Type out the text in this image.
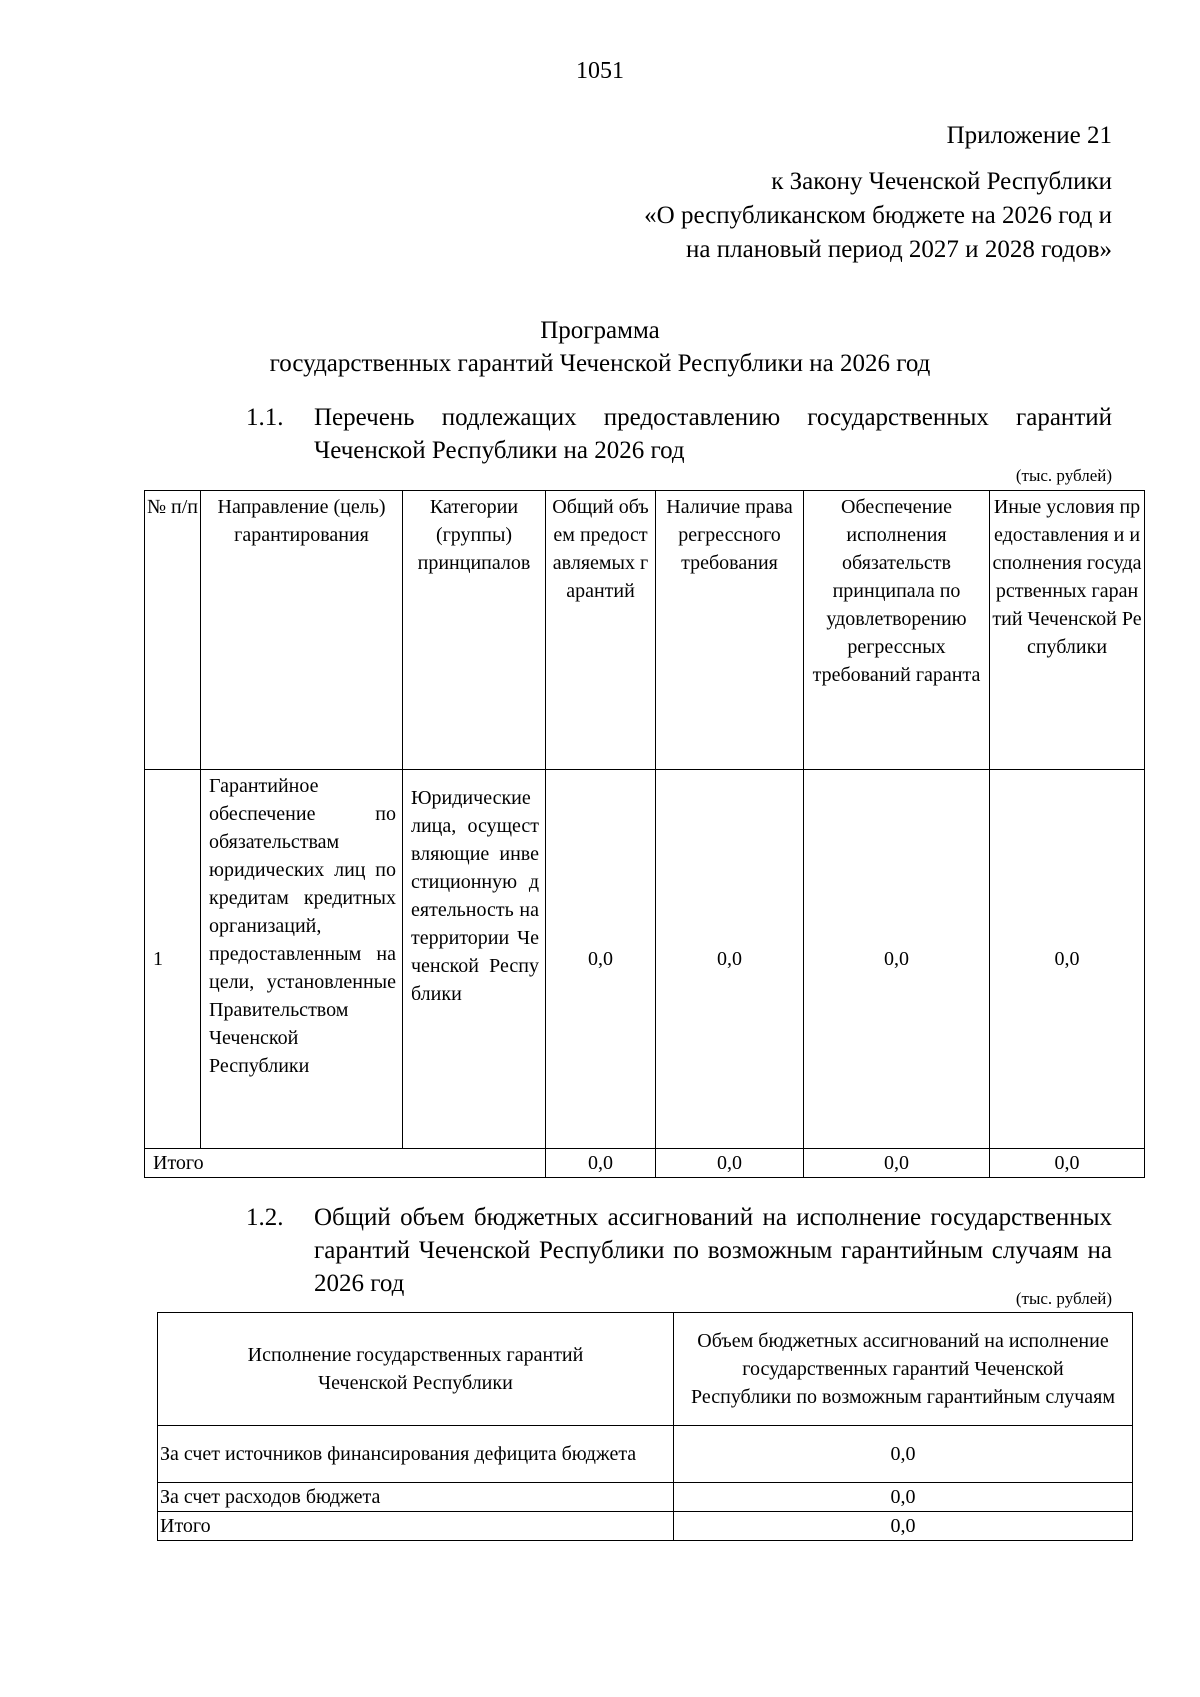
1051
Приложение 21
к Закону Чеченской Республики
«О республиканском бюджете на 2026 год и
на плановый период 2027 и 2028 годов»
Программа
государственных гарантий Чеченской Республики на 2026 год
1.1. Перечень подлежащих предоставлению государственных гарантий Чеченской Республики на 2026 год
(тыс. рублей)
№ п/п	Направление (цель) гарантирования	Категории (группы) принципалов	Общий объем предоставляемых гарантий	Наличие права регрессного требования	Обеспечение исполнения обязательств принципала по удовлетворению регрессных требований гаранта	Иные условия предоставления и исполнения государственных гарантий Чеченской Республики
1	Гарантийное обеспечение по обязательствам юридических лиц по кредитам кредитных организаций, предоставленным на цели, установленные Правительством Чеченской Республики	Юридические лица, осуществляющие инвестиционную деятельность на территории Чеченской Республики	0,0	0,0	0,0	0,0
Итого			0,0	0,0	0,0	0,0
1.2. Общий объем бюджетных ассигнований на исполнение государственных гарантий Чеченской Республики по возможным гарантийным случаям на 2026 год
(тыс. рублей)
Исполнение государственных гарантий Чеченской Республики	Объем бюджетных ассигнований на исполнение государственных гарантий Чеченской Республики по возможным гарантийным случаям
За счет источников финансирования дефицита бюджета	0,0
За счет расходов бюджета	0,0
Итого	0,0
